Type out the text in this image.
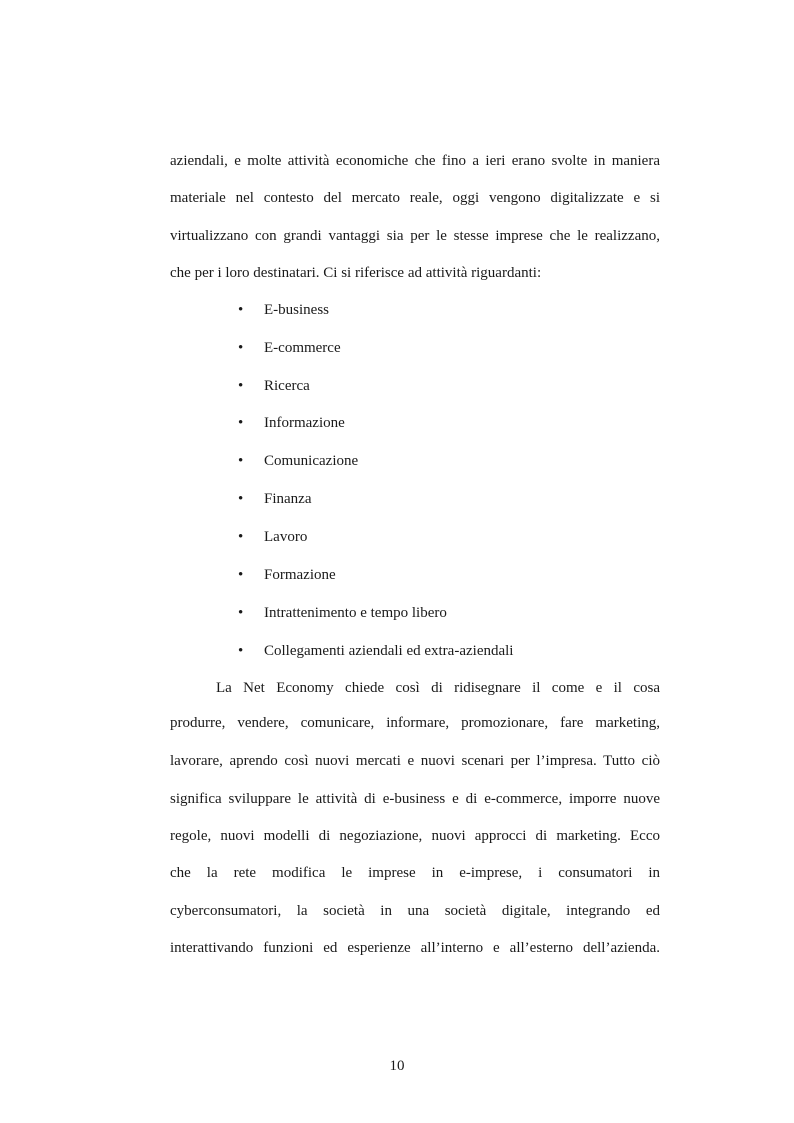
aziendali, e molte attività economiche che fino a ieri erano svolte in maniera
materiale nel contesto del mercato reale, oggi vengono digitalizzate e si
virtualizzano con grandi vantaggi sia per le stesse imprese che le realizzano,
che per i loro destinatari. Ci si riferisce ad attività riguardanti:
• E-business
• E-commerce
• Ricerca
• Informazione
• Comunicazione
• Finanza
• Lavoro
• Formazione
• Intrattenimento e tempo libero
• Collegamenti aziendali ed extra-aziendali
La Net Economy chiede così di ridisegnare il come e il cosa
produrre, vendere, comunicare, informare, promozionare, fare marketing,
lavorare, aprendo così nuovi mercati e nuovi scenari per l’impresa. Tutto ciò
significa sviluppare le attività di e-business e di e-commerce, imporre nuove
regole, nuovi modelli di negoziazione, nuovi approcci di marketing. Ecco
che la rete modifica le imprese in e-imprese, i consumatori in
cyberconsumatori, la società in una società digitale, integrando ed
interattivando funzioni ed esperienze all’interno e all’esterno dell’azienda.
10
